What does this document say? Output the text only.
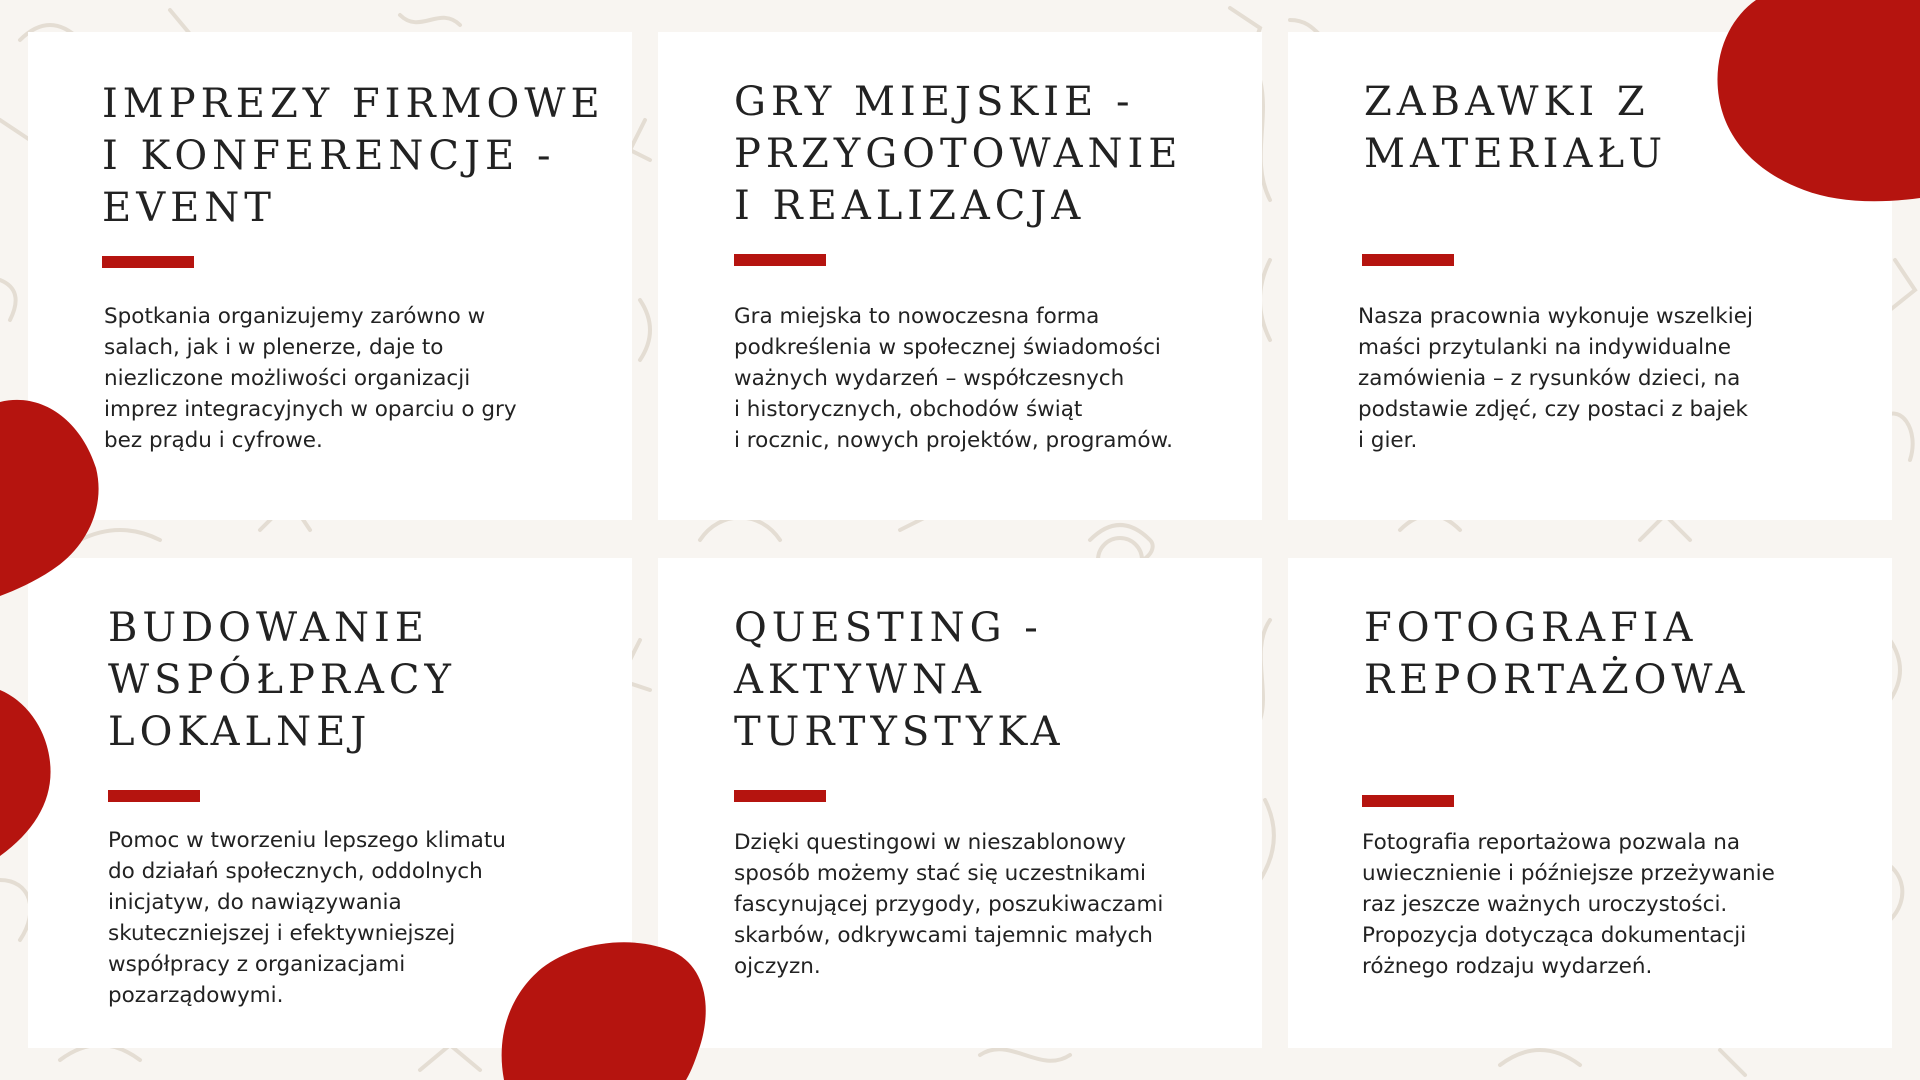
IMPREZY FIRMOWE
I KONFERENCJE -
EVENT

Spotkania organizujemy zarówno w
salach, jak i w plenerze, daje to
niezliczone możliwości organizacji
imprez integracyjnych w oparciu o gry
bez prądu i cyfrowe.

GRY MIEJSKIE -
PRZYGOTOWANIE
I REALIZACJA

Gra miejska to nowoczesna forma
podkreślenia w społecznej świadomości
ważnych wydarzeń – współczesnych
i historycznych, obchodów świąt
i rocznic, nowych projektów, programów.

ZABAWKI Z
MATERIAŁU

Nasza pracownia wykonuje wszelkiej
maści przytulanki na indywidualne
zamówienia – z rysunków dzieci, na
podstawie zdjęć, czy postaci z bajek
i gier.

BUDOWANIE
WSPÓŁPRACY
LOKALNEJ

Pomoc w tworzeniu lepszego klimatu
do działań społecznych, oddolnych
inicjatyw, do nawiązywania
skuteczniejszej i efektywniejszej
współpracy z organizacjami
pozarządowymi.

QUESTING -
AKTYWNA
TURTYSTYKA

Dzięki questingowi w nieszablonowy
sposób możemy stać się uczestnikami
fascynującej przygody, poszukiwaczami
skarbów, odkrywcami tajemnic małych
ojczyzn.

FOTOGRAFIA
REPORTAŻOWA

Fotografia reportażowa pozwala na
uwiecznienie i późniejsze przeżywanie
raz jeszcze ważnych uroczystości.
Propozycja dotycząca dokumentacji
różnego rodzaju wydarzeń.
